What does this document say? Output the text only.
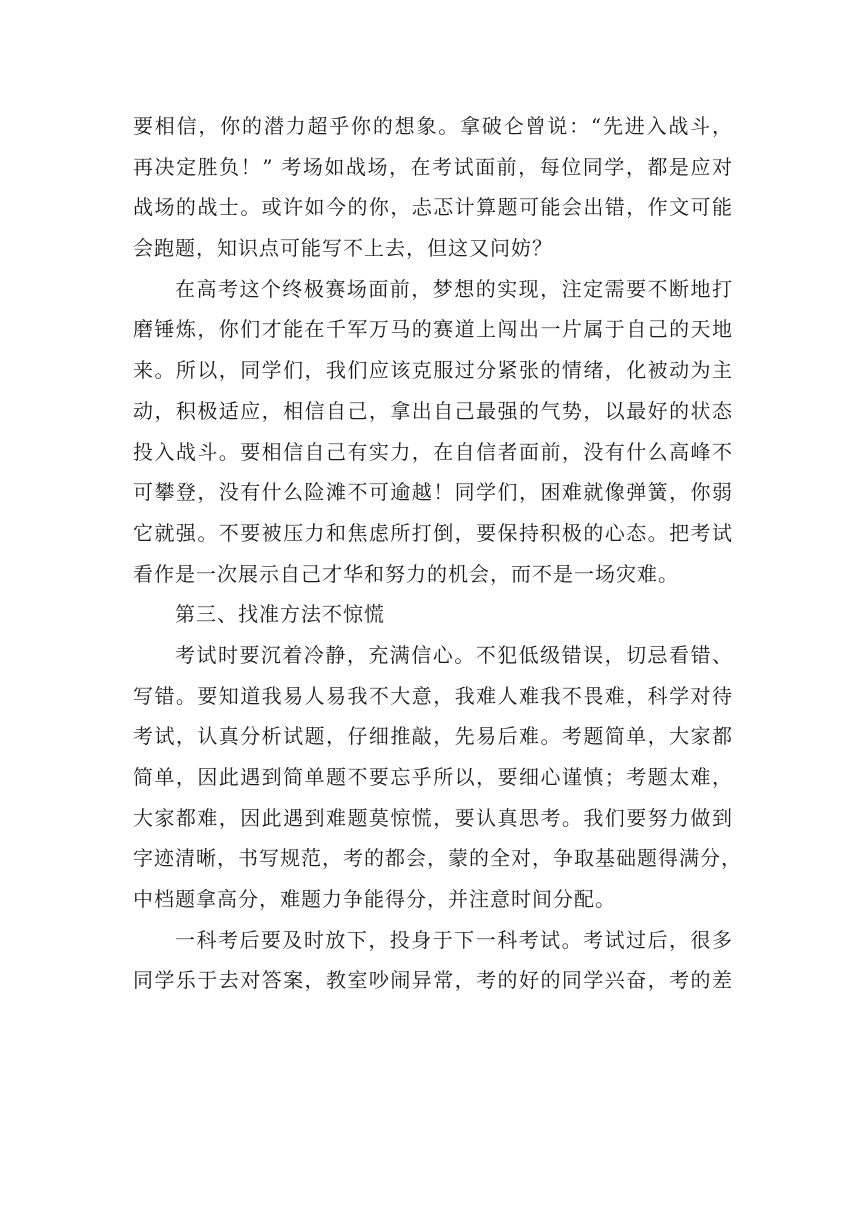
要相信，你的潜力超乎你的想象。拿破仑曾说：“先进入战斗，
再决定胜负！” 考场如战场，在考试面前，每位同学，都是应对
战场的战士。或许如今的你，忐忑计算题可能会出错，作文可能
会跑题，知识点可能写不上去，但这又问妨？
在高考这个终极赛场面前，梦想的实现，注定需要不断地打
磨锤炼，你们才能在千军万马的赛道上闯出一片属于自己的天地
来。所以，同学们，我们应该克服过分紧张的情绪，化被动为主
动，积极适应，相信自己，拿出自己最强的气势，以最好的状态
投入战斗。要相信自己有实力，在自信者面前，没有什么高峰不
可攀登，没有什么险滩不可逾越！同学们，困难就像弹簧，你弱
它就强。不要被压力和焦虑所打倒，要保持积极的心态。把考试
看作是一次展示自己才华和努力的机会，而不是一场灾难。
第三、找准方法不惊慌
考试时要沉着冷静，充满信心。不犯低级错误，切忌看错、
写错。要知道我易人易我不大意，我难人难我不畏难，科学对待
考试，认真分析试题，仔细推敲，先易后难。考题简单，大家都
简单，因此遇到简单题不要忘乎所以，要细心谨慎；考题太难，
大家都难，因此遇到难题莫惊慌，要认真思考。我们要努力做到
字迹清晰，书写规范，考的都会，蒙的全对，争取基础题得满分，
中档题拿高分，难题力争能得分，并注意时间分配。
一科考后要及时放下，投身于下一科考试。考试过后，很多
同学乐于去对答案，教室吵闹异常，考的好的同学兴奋，考的差
